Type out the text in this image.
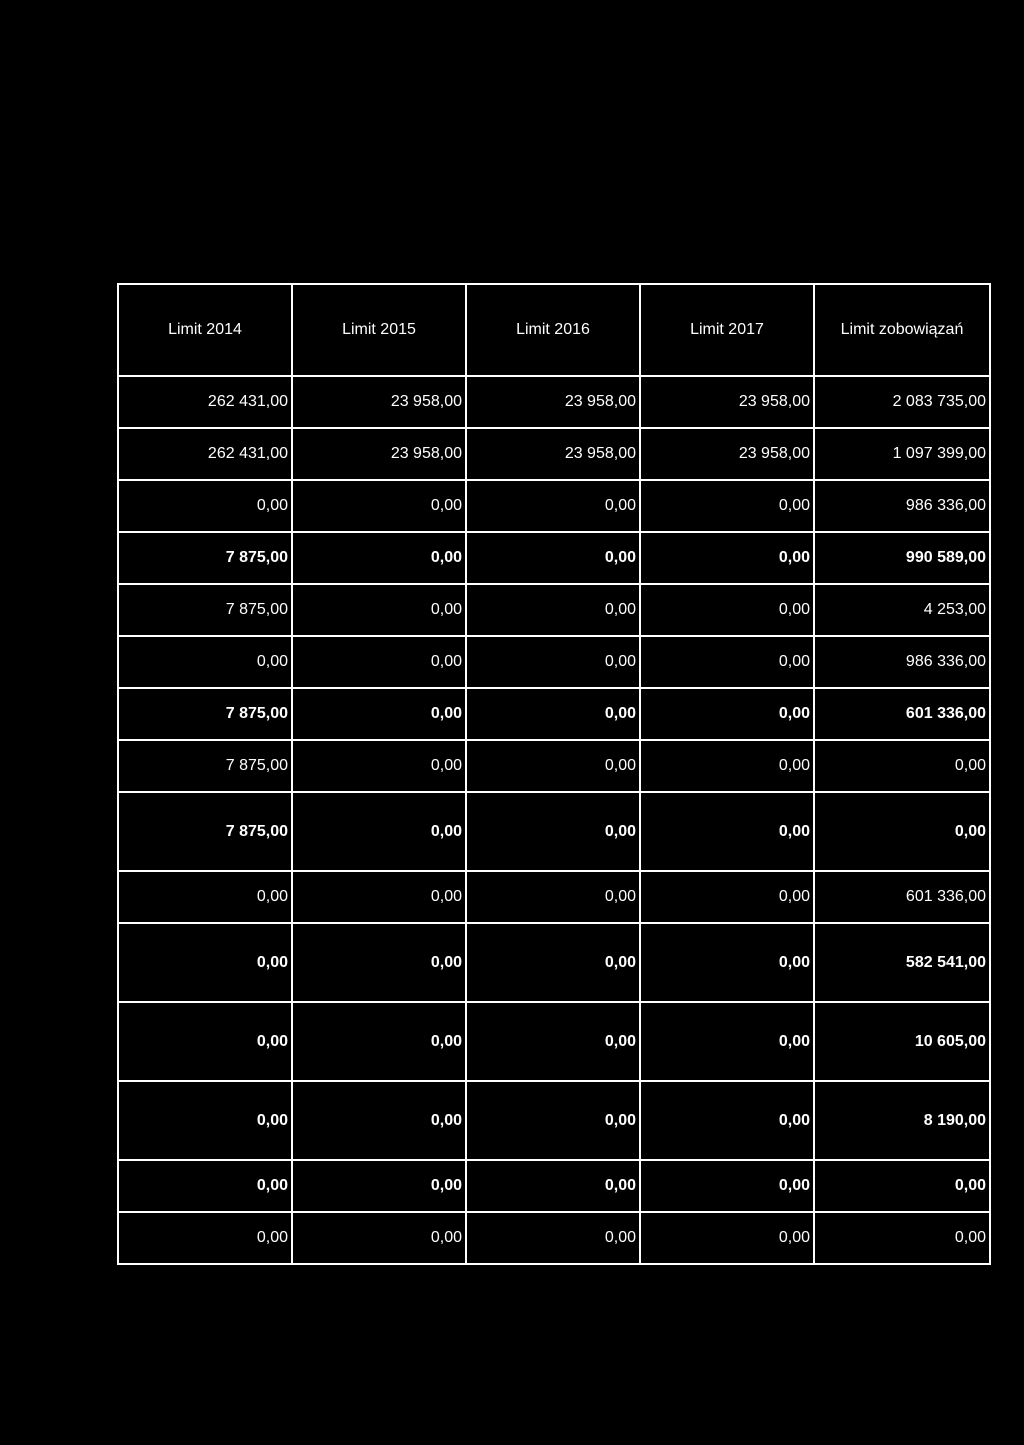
Limit 2014	Limit 2015	Limit 2016	Limit 2017	Limit zobowiązań
262 431,00	23 958,00	23 958,00	23 958,00	2 083 735,00
262 431,00	23 958,00	23 958,00	23 958,00	1 097 399,00
0,00	0,00	0,00	0,00	986 336,00
7 875,00	0,00	0,00	0,00	990 589,00
7 875,00	0,00	0,00	0,00	4 253,00
0,00	0,00	0,00	0,00	986 336,00
7 875,00	0,00	0,00	0,00	601 336,00
7 875,00	0,00	0,00	0,00	0,00
7 875,00	0,00	0,00	0,00	0,00
0,00	0,00	0,00	0,00	601 336,00
0,00	0,00	0,00	0,00	582 541,00
0,00	0,00	0,00	0,00	10 605,00
0,00	0,00	0,00	0,00	8 190,00
0,00	0,00	0,00	0,00	0,00
0,00	0,00	0,00	0,00	0,00
